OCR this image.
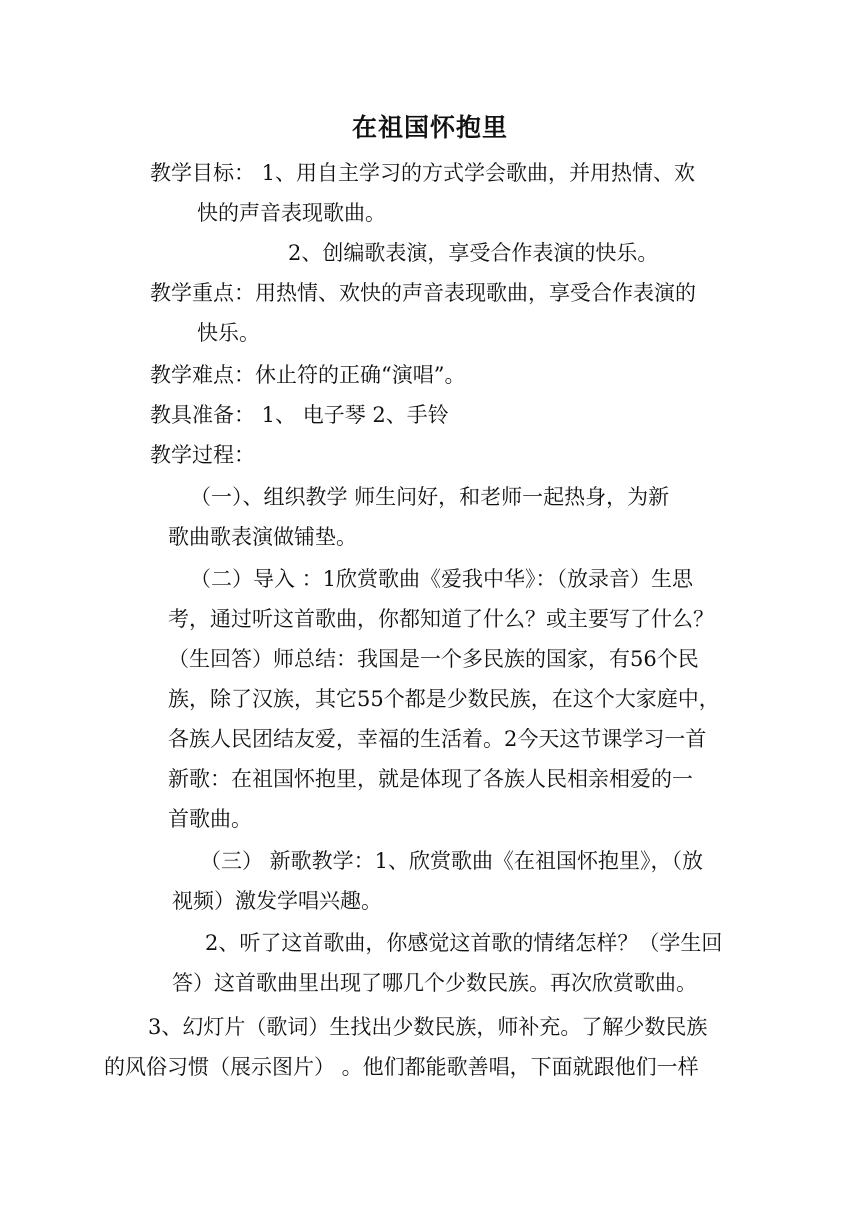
在祖国怀抱里
教学目标： 1、用自主学习的方式学会歌曲，并用热情、欢
快的声音表现歌曲。
2、创编歌表演，享受合作表演的快乐。
教学重点：用热情、欢快的声音表现歌曲，享受合作表演的
快乐。
教学难点：休止符的正确“演唱”。
教具准备： 1、 电子琴 2、手铃
教学过程：
（一）、组织教学 师生问好，和老师一起热身，为新
歌曲歌表演做铺垫。
（二）导入 ：1欣赏歌曲《爱我中华》：（放录音）生思
考，通过听这首歌曲，你都知道了什么？或主要写了什么？
（生回答）师总结：我国是一个多民族的国家，有56个民
族，除了汉族，其它55个都是少数民族，在这个大家庭中，
各族人民团结友爱，幸福的生活着。2今天这节课学习一首
新歌：在祖国怀抱里，就是体现了各族人民相亲相爱的一
首歌曲。
（三） 新歌教学：1、欣赏歌曲《在祖国怀抱里》，（放
视频）激发学唱兴趣。
2、听了这首歌曲，你感觉这首歌的情绪怎样？（学生回
答）这首歌曲里出现了哪几个少数民族。再次欣赏歌曲。
3、幻灯片（歌词）生找出少数民族，师补充。了解少数民族
的风俗习惯（展示图片） 。他们都能歌善唱，下面就跟他们一样
